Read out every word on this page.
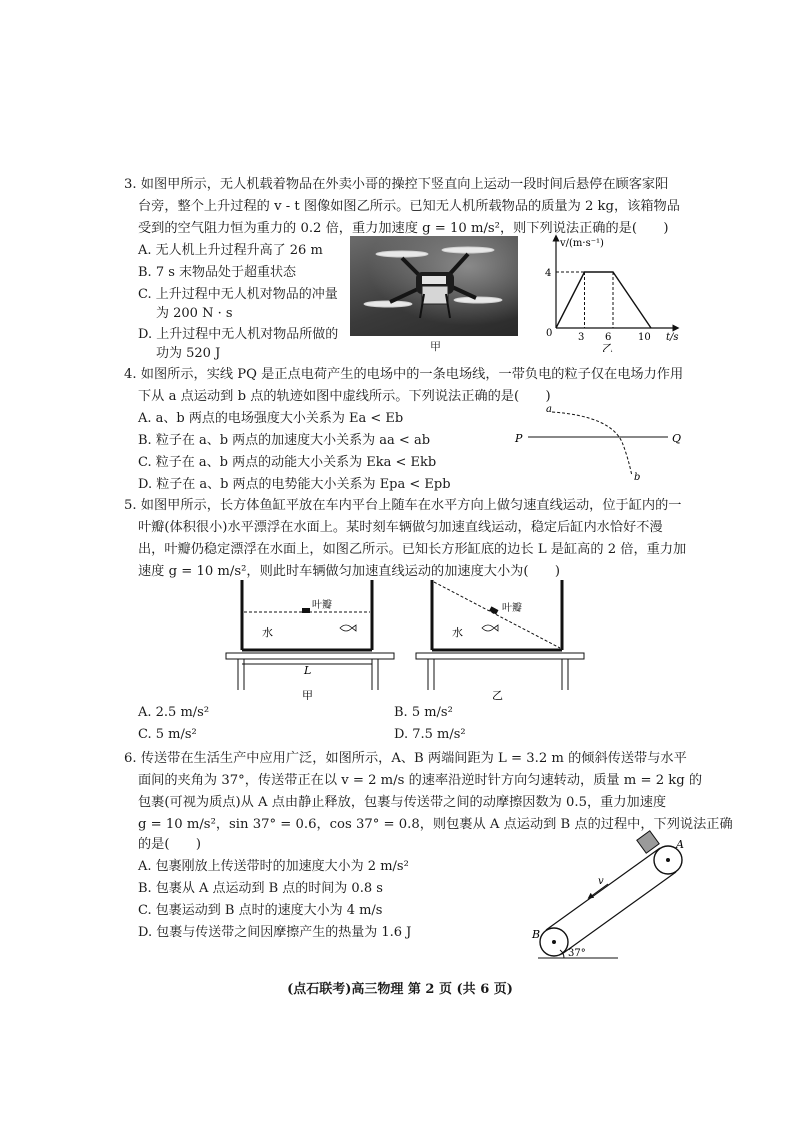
3. 如图甲所示，无人机载着物品在外卖小哥的操控下竖直向上运动一段时间后悬停在顾客家阳
台旁，整个上升过程的 v - t 图像如图乙所示。已知无人机所载物品的质量为 2 kg，该箱物品
受到的空气阻力恒为重力的 0.2 倍，重力加速度 g = 10 m/s²，则下列说法正确的是(　　)
A. 无人机上升过程升高了 26 m
B. 7 s 末物品处于超重状态
C. 上升过程中无人机对物品的冲量
为 200 N · s
D. 上升过程中无人机对物品所做的
功为 520 J	甲
v/(m·s⁻¹)
t/s
4
0	3 6	10
乙
4. 如图所示，实线 PQ 是正点电荷产生的电场中的一条电场线，一带负电的粒子仅在电场力作用
下从 a 点运动到 b 点的轨迹如图中虚线所示。下列说法正确的是(　　)
A. a、b 两点的电场强度大小关系为 Ea < Eb
B. 粒子在 a、b 两点的加速度大小关系为 aa < ab
C. 粒子在 a、b 两点的动能大小关系为 Eka < Ekb
D. 粒子在 a、b 两点的电势能大小关系为 Epa < Epb
P	Q
a
b
5. 如图甲所示，长方体鱼缸平放在车内平台上随车在水平方向上做匀速直线运动，位于缸内的一
叶瓣(体积很小)水平漂浮在水面上。某时刻车辆做匀加速直线运动，稳定后缸内水恰好不漫
出，叶瓣仍稳定漂浮在水面上，如图乙所示。已知长方形缸底的边长 L 是缸高的 2 倍，重力加
速度 g = 10 m/s²，则此时车辆做匀加速直线运动的加速度大小为(　　)
叶瓣
水
L
甲
叶瓣
水
乙
A. 2.5 m/s²	B. 5 m/s²
C. 5 m/s²	D. 7.5 m/s²
6. 传送带在生活生产中应用广泛，如图所示，A、B 两端间距为 L = 3.2 m 的倾斜传送带与水平
面间的夹角为 37°，传送带正在以 v = 2 m/s 的速率沿逆时针方向匀速转动，质量 m = 2 kg 的
包裹(可视为质点)从 A 点由静止释放，包裹与传送带之间的动摩擦因数为 0.5，重力加速度
g = 10 m/s²，sin 37° = 0.6，cos 37° = 0.8，则包裹从 A 点运动到 B 点的过程中，下列说法正确
的是(　　)
A. 包裹刚放上传送带时的加速度大小为 2 m/s²
B. 包裹从 A 点运动到 B 点的时间为 0.8 s
C. 包裹运动到 B 点时的速度大小为 4 m/s
D. 包裹与传送带之间因摩擦产生的热量为 1.6 J
v
A
B
37°
(点石联考)高三物理 第 2 页 (共 6 页)
